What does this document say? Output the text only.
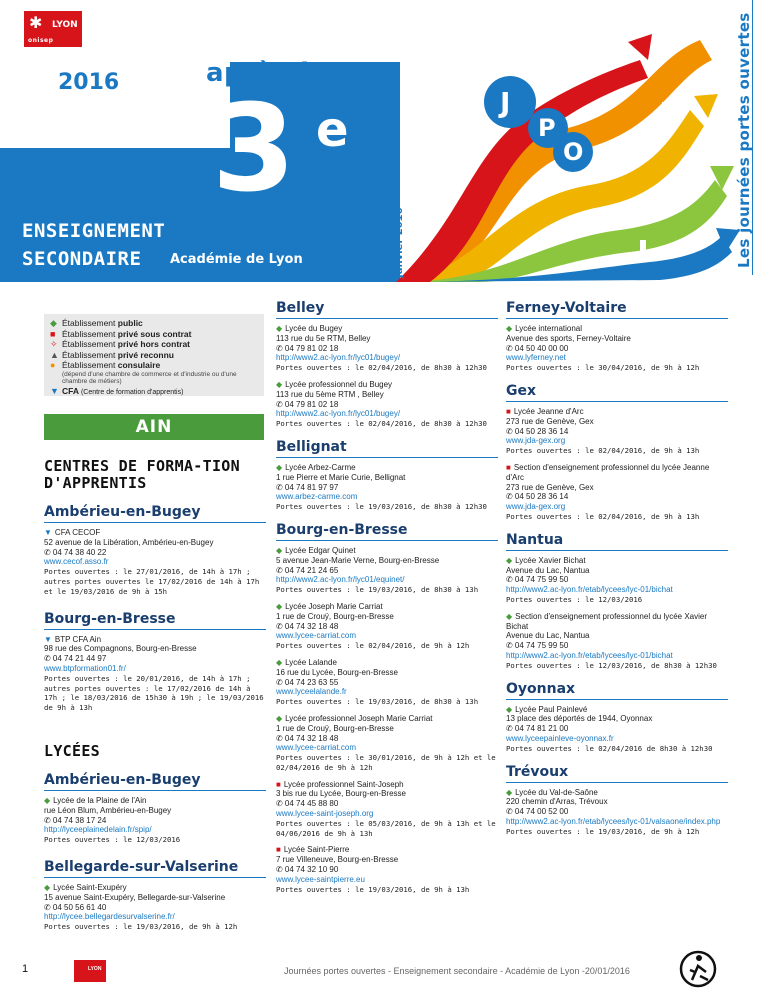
✱ LYON
onisep
2016	après la
3 e
ENSEIGNEMENT
SECONDAIRE Académie de Lyon	Janvier 2016	Les journées portes ouvertes
J
P
O
◆ Établissement public
■ Établissement privé sous contrat
✧ Établissement privé hors contrat
▲ Établissement privé reconnu
● Établissement consulaire
(dépend d'une chambre de commerce et d'industrie ou d'une chambre de métiers)
▼ CFA (Centre de formation d'apprentis)
AIN
CENTRES DE FORMA-TION D'APPRENTIS
Ambérieu-en-Bugey
▼ CFA CECOF
52 avenue de la Libération, Ambérieu-en-Bugey
✆ 04 74 38 40 22
www.cecof.asso.fr
Portes ouvertes : le 27/01/2016, de 14h à 17h ; autres portes ouvertes le 17/02/2016 de 14h à 17h et le 19/03/2016 de 9h à 15h
Bourg-en-Bresse
▼ BTP CFA Ain
98 rue des Compagnons, Bourg-en-Bresse
✆ 04 74 21 44 97
www.btpformation01.fr/
Portes ouvertes : le 20/01/2016, de 14h à 17h ; autres portes ouvertes : le 17/02/2016 de 14h à 17h ; le 18/03/2016 de 15h30 à 19h ; le 19/03/2016 de 9h à 13h
LYCÉES
Ambérieu-en-Bugey
◆ Lycée de la Plaine de l'Ain
rue Léon Blum, Ambérieu-en-Bugey
✆ 04 74 38 17 24
http://lyceeplainedelain.fr/spip/
Portes ouvertes : le 12/03/2016
Bellegarde-sur-Valserine
◆ Lycée Saint-Exupéry
15 avenue Saint-Exupéry, Bellegarde-sur-Valserine
✆ 04 50 56 61 40
http://lycee.bellegardesurvalserine.fr/
Portes ouvertes : le 19/03/2016, de 9h à 12h
Belley
◆ Lycée du Bugey
113 rue du 5e RTM, Belley
✆ 04 79 81 02 18
http://www2.ac-lyon.fr/lyc01/bugey/
Portes ouvertes : le 02/04/2016, de 8h30 à 12h30
◆ Lycée professionnel du Bugey
113 rue du 5ème RTM , Belley
✆ 04 79 81 02 18
http://www2.ac-lyon.fr/lyc01/bugey/
Portes ouvertes : le 02/04/2016, de 8h30 à 12h30
Bellignat
◆ Lycée Arbez-Carme
1 rue Pierre et Marie Curie, Bellignat
✆ 04 74 81 97 97
www.arbez-carme.com
Portes ouvertes : le 19/03/2016, de 8h30 à 12h30
Bourg-en-Bresse
◆ Lycée Edgar Quinet
5 avenue Jean-Marie Verne, Bourg-en-Bresse
✆ 04 74 21 24 65
http://www2.ac-lyon.fr/lyc01/equinet/
Portes ouvertes : le 19/03/2016, de 8h30 à 13h
◆ Lycée Joseph Marie Carriat
1 rue de Crouÿ, Bourg-en-Bresse
✆ 04 74 32 18 48
www.lycee-carriat.com
Portes ouvertes : le 02/04/2016, de 9h à 12h
◆ Lycée Lalande
16 rue du Lycée, Bourg-en-Bresse
✆ 04 74 23 63 55
www.lyceelalande.fr
Portes ouvertes : le 19/03/2016, de 8h30 à 13h
◆ Lycée professionnel Joseph Marie Carriat
1 rue de Crouÿ, Bourg-en-Bresse
✆ 04 74 32 18 48
www.lycee-carriat.com
Portes ouvertes : le 30/01/2016, de 9h à 12h et le 02/04/2016 de 9h à 12h
■ Lycée professionnel Saint-Joseph
3 bis rue du Lycée, Bourg-en-Bresse
✆ 04 74 45 88 80
www.lycee-saint-joseph.org
Portes ouvertes : le 05/03/2016, de 9h à 13h et le 04/06/2016 de 9h à 13h
■ Lycée Saint-Pierre
7 rue Villeneuve, Bourg-en-Bresse
✆ 04 74 32 10 90
www.lycee-saintpierre.eu
Portes ouvertes : le 19/03/2016, de 9h à 13h
Ferney-Voltaire
◆ Lycée international
Avenue des sports, Ferney-Voltaire
✆ 04 50 40 00 00
www.lyferney.net
Portes ouvertes : le 30/04/2016, de 9h à 12h
Gex
■ Lycée Jeanne d'Arc
273 rue de Genève, Gex
✆ 04 50 28 36 14
www.jda-gex.org
Portes ouvertes : le 02/04/2016, de 9h à 13h
■ Section d'enseignement professionnel du lycée Jeanne d'Arc
273 rue de Genève, Gex
✆ 04 50 28 36 14
www.jda-gex.org
Portes ouvertes : le 02/04/2016, de 9h à 13h
Nantua
◆ Lycée Xavier Bichat
Avenue du Lac, Nantua
✆ 04 74 75 99 50
http://www2.ac-lyon.fr/etab/lycees/lyc-01/bichat
Portes ouvertes : le 12/03/2016
◆ Section d'enseignement professionnel du lycée Xavier Bichat
Avenue du Lac, Nantua
✆ 04 74 75 99 50
http://www2.ac-lyon.fr/etab/lycees/lyc-01/bichat
Portes ouvertes : le 12/03/2016, de 8h30 à 12h30
Oyonnax
◆ Lycée Paul Painlevé
13 place des déportés de 1944, Oyonnax
✆ 04 74 81 21 00
www.lyceepainleve-oyonnax.fr
Portes ouvertes : le 02/04/2016 de 8h30 à 12h30
Trévoux
◆ Lycée du Val-de-Saône
220 chemin d'Arras, Trévoux
✆ 04 74 00 52 00
http://www2.ac-lyon.fr/etab/lycees/lyc-01/valsaone/index.php
Portes ouvertes : le 19/03/2016, de 9h à 12h
1	LYON	Journées portes ouvertes - Enseignement secondaire - Académie de Lyon -20/01/2016
